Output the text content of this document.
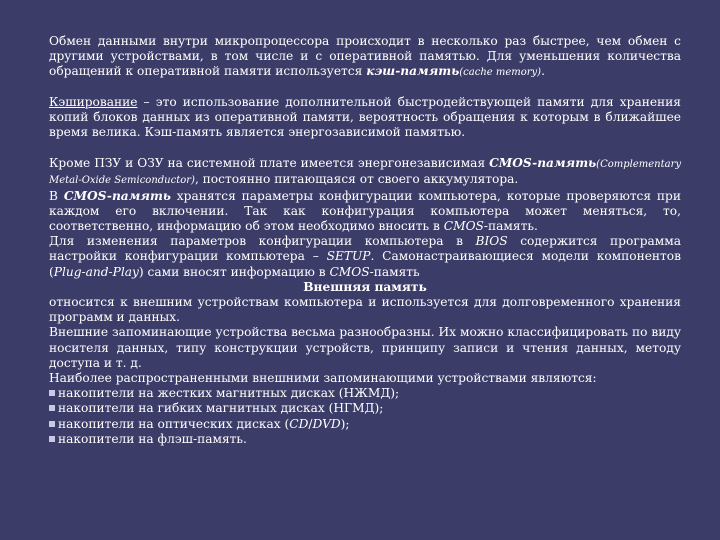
Обмен данными внутри микропроцессора происходит в несколько раз быстрее, чем обмен с другими устройствами, в том числе и с оперативной памятью. Для уменьшения количества обращений к оперативной памяти используется кэш-память(cache memory).

Кэширование – это использование дополнительной быстродействующей памяти для хранения копий блоков данных из оперативной памяти, вероятность обращения к которым в ближайшее время велика. Кэш-память является энергозависимой памятью.

Кроме ПЗУ и ОЗУ на системной плате имеется энергонезависимая CMOS-память(Complementary Metal-Oxide Semiconductor), постоянно питающаяся от своего аккумулятора.

В CMOS-память хранятся параметры конфигурации компьютера, которые проверяются при каждом его включении. Так как конфигурация компьютера может меняться, то, соответственно, информацию об этом необходимо вносить в CMOS-память.

Для изменения параметров конфигурации компьютера в BIOS содержится программа настройки конфигурации компьютера – SETUP. Самонастраивающиеся модели компонентов (Plug-and-Play) сами вносят информацию в CMOS-память

Внешняя память

относится к внешним устройствам компьютера и используется для долговременного хранения программ и данных.

Внешние запоминающие устройства весьма разнообразны. Их можно классифицировать по виду носителя данных, типу конструкции устройств, принципу записи и чтения данных, методу доступа и т. д.

Наиболее распространенными внешними запоминающими устройствами являются:

накопители на жестких магнитных дисках (НЖМД);
накопители на гибких магнитных дисках (НГМД);
накопители на оптических дисках (CD/DVD);
накопители на флэш-память.
